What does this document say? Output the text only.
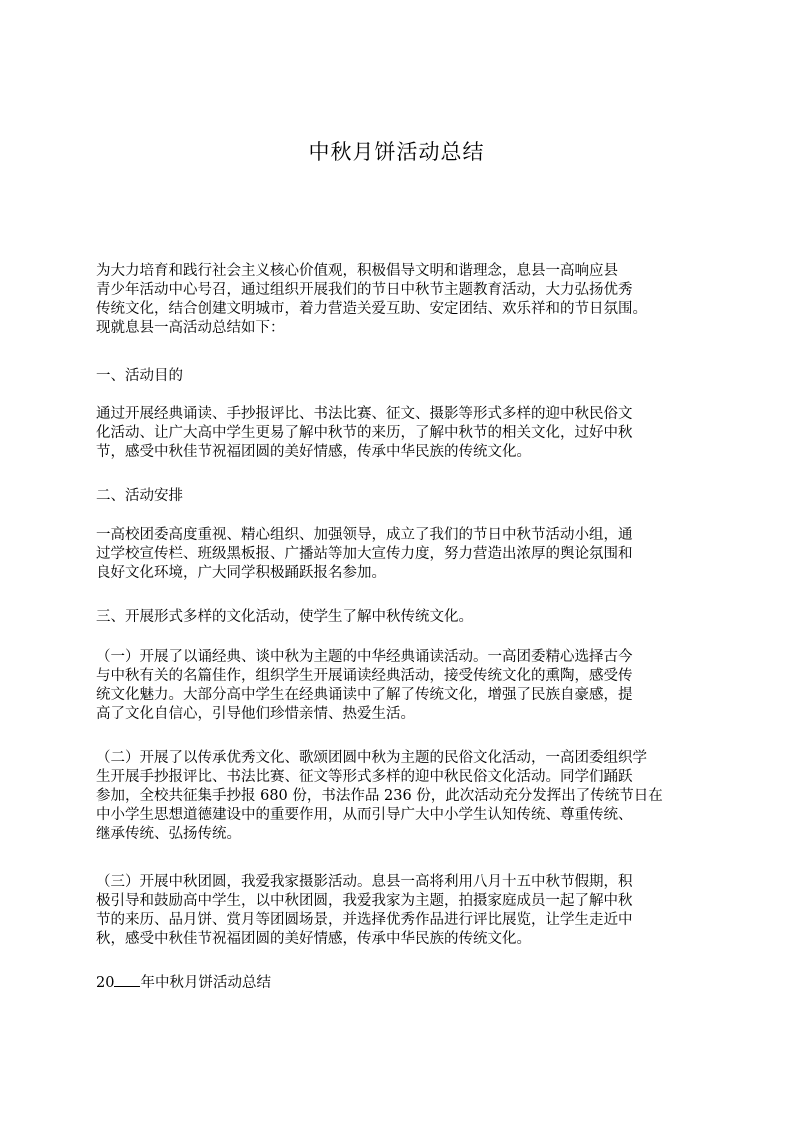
中秋月饼活动总结

为大力培育和践行社会主义核心价值观，积极倡导文明和谐理念，息县一高响应县
青少年活动中心号召，通过组织开展我们的节日中秋节主题教育活动，大力弘扬优秀
传统文化，结合创建文明城市，着力营造关爱互助、安定团结、欢乐祥和的节日氛围。
现就息县一高活动总结如下：

一、活动目的

通过开展经典诵读、手抄报评比、书法比赛、征文、摄影等形式多样的迎中秋民俗文
化活动、让广大高中学生更易了解中秋节的来历，了解中秋节的相关文化，过好中秋
节，感受中秋佳节祝福团圆的美好情感，传承中华民族的传统文化。

二、活动安排

一高校团委高度重视、精心组织、加强领导，成立了我们的节日中秋节活动小组，通
过学校宣传栏、班级黑板报、广播站等加大宣传力度，努力营造出浓厚的舆论氛围和
良好文化环境，广大同学积极踊跃报名参加。

三、开展形式多样的文化活动，使学生了解中秋传统文化。

（一）开展了以诵经典、谈中秋为主题的中华经典诵读活动。一高团委精心选择古今
与中秋有关的名篇佳作，组织学生开展诵读经典活动，接受传统文化的熏陶，感受传
统文化魅力。大部分高中学生在经典诵读中了解了传统文化，增强了民族自豪感，提
高了文化自信心，引导他们珍惜亲情、热爱生活。

（二）开展了以传承优秀文化、歌颂团圆中秋为主题的民俗文化活动，一高团委组织学
生开展手抄报评比、书法比赛、征文等形式多样的迎中秋民俗文化活动。同学们踊跃
参加，全校共征集手抄报 680 份，书法作品 236 份，此次活动充分发挥出了传统节日在
中小学生思想道德建设中的重要作用，从而引导广大中小学生认知传统、尊重传统、
继承传统、弘扬传统。

（三）开展中秋团圆，我爱我家摄影活动。息县一高将利用八月十五中秋节假期，积
极引导和鼓励高中学生，以中秋团圆，我爱我家为主题，拍摄家庭成员一起了解中秋
节的来历、品月饼、赏月等团圆场景，并选择优秀作品进行评比展览，让学生走近中
秋，感受中秋佳节祝福团圆的美好情感，传承中华民族的传统文化。

20 年中秋月饼活动总结
